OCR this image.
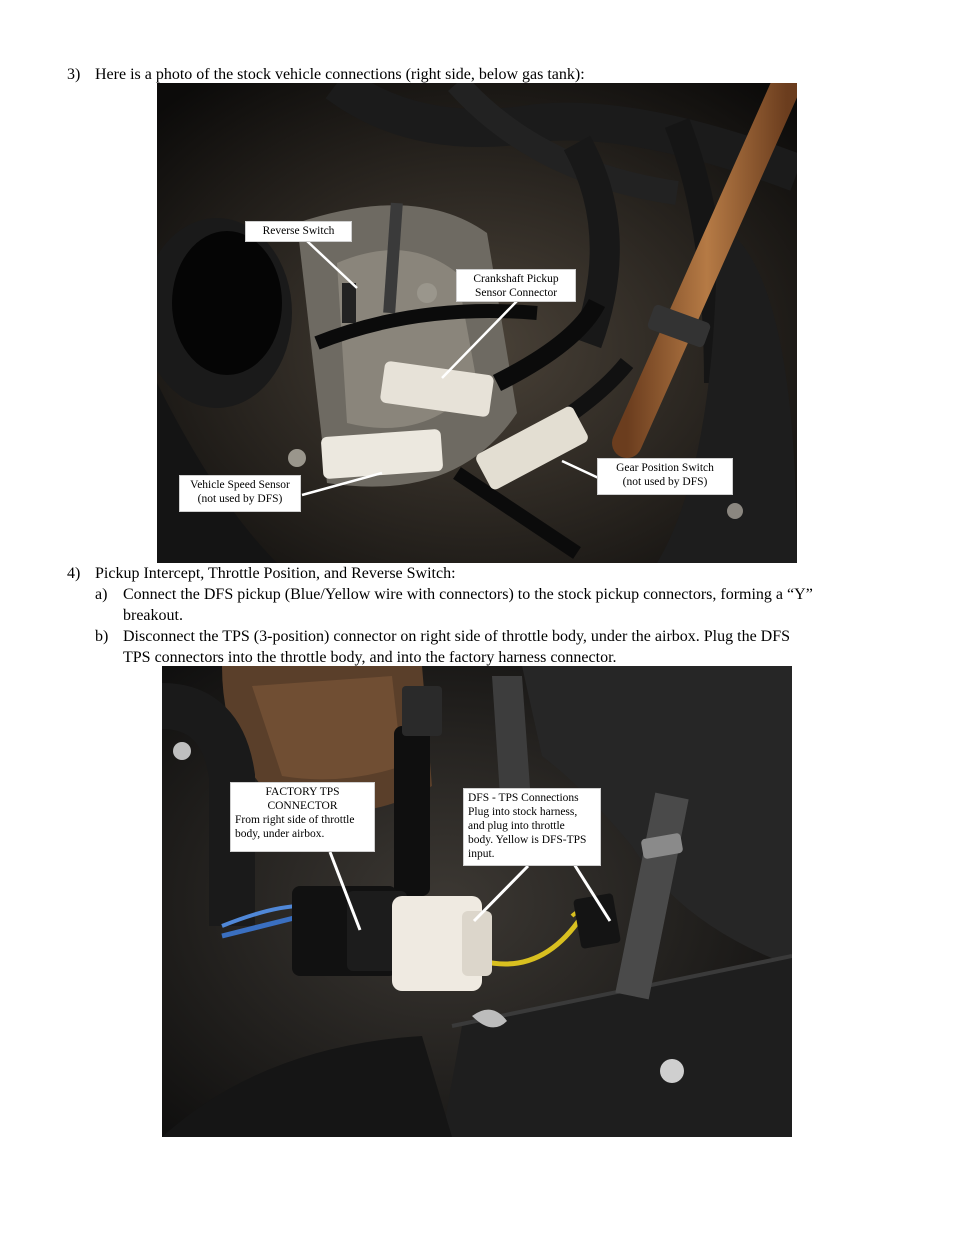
3) Here is a photo of the stock vehicle connections (right side, below gas tank):
Reverse Switch
Crankshaft Pickup
Sensor Connector
Vehicle Speed Sensor
(not used by DFS)
Gear Position Switch
(not used by DFS)
4) Pickup Intercept, Throttle Position, and Reverse Switch:
a) Connect the DFS pickup (Blue/Yellow wire with connectors) to the stock pickup connectors, forming a “Y”
breakout.
b) Disconnect the TPS (3-position) connector on right side of throttle body, under the airbox. Plug the DFS
TPS connectors into the throttle body, and into the factory harness connector.
FACTORY TPS
CONNECTOR
From right side of throttle
body, under airbox.
DFS - TPS Connections
Plug into stock harness,
and plug into throttle
body. Yellow is DFS-TPS
input.
